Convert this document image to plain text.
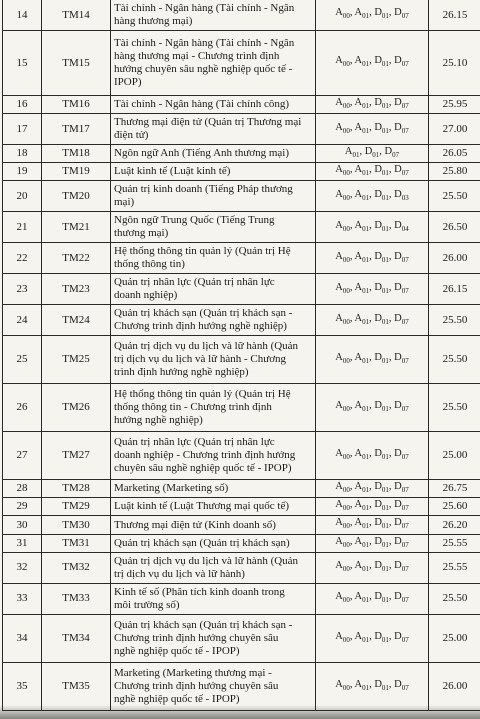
14	TM14	Tài chính - Ngân hàng (Tài chính - Ngân
hàng thương mại)	$A_{00}$, $A_{01}$, $D_{01}$, $D_{07}$	26.15	
15	TM15	Tài chính - Ngân hàng (Tài chính - Ngân
hàng thương mại - Chương trình định
hướng chuyên sâu nghề nghiệp quốc tế -
IPOP)	$A_{00}$, $A_{01}$, $D_{01}$, $D_{07}$	25.10	
16	TM16	Tài chính - Ngân hàng (Tài chính công)	$A_{00}$, $A_{01}$, $D_{01}$, $D_{07}$	25.95	
17	TM17	Thương mại điện tử (Quản trị Thương mại
điện tử)	$A_{00}$, $A_{01}$, $D_{01}$, $D_{07}$	27.00	
18	TM18	Ngôn ngữ Anh (Tiếng Anh thương mại)	$A_{01}$, $D_{01}$, $D_{07}$	26.05	
19	TM19	Luật kinh tế (Luật kinh tế)	$A_{00}$, $A_{01}$, $D_{01}$, $D_{07}$	25.80	
20	TM20	Quản trị kinh doanh (Tiếng Pháp thương
mại)	$A_{00}$, $A_{01}$, $D_{01}$, $D_{03}$	25.50	
21	TM21	Ngôn ngữ Trung Quốc (Tiếng Trung
thương mại)	$A_{00}$, $A_{01}$, $D_{01}$, $D_{04}$	26.50	
22	TM22	Hệ thống thông tin quản lý (Quản trị Hệ
thống thông tin)	$A_{00}$, $A_{01}$, $D_{01}$, $D_{07}$	26.00	
23	TM23	Quản trị nhân lực (Quản trị nhân lực
doanh nghiệp)	$A_{00}$, $A_{01}$, $D_{01}$, $D_{07}$	26.15	
24	TM24	Quản trị khách sạn (Quản trị khách sạn -
Chương trình định hướng nghề nghiệp)	$A_{00}$, $A_{01}$, $D_{01}$, $D_{07}$	25.50	
25	TM25	Quản trị dịch vụ du lịch và lữ hành (Quản
trị dịch vụ du lịch và lữ hành - Chương
trình định hướng nghề nghiệp)	$A_{00}$, $A_{01}$, $D_{01}$, $D_{07}$	25.50	
26	TM26	Hệ thống thông tin quản lý (Quản trị Hệ
thống thông tin - Chương trình định
hướng nghề nghiệp)	$A_{00}$, $A_{01}$, $D_{01}$, $D_{07}$	25.50	
27	TM27	Quản trị nhân lực (Quản trị nhân lực
doanh nghiệp - Chương trình định hướng
chuyên sâu nghề nghiệp quốc tế - IPOP)	$A_{00}$, $A_{01}$, $D_{01}$, $D_{07}$	25.00	
28	TM28	Marketing (Marketing số)	$A_{00}$, $A_{01}$, $D_{01}$, $D_{07}$	26.75	
29	TM29	Luật kinh tế (Luật Thương mại quốc tế)	$A_{00}$, $A_{01}$, $D_{01}$, $D_{07}$	25.60	
30	TM30	Thương mại điện tử (Kinh doanh số)	$A_{00}$, $A_{01}$, $D_{01}$, $D_{07}$	26.20	
31	TM31	Quản trị khách sạn (Quản trị khách sạn)	$A_{00}$, $A_{01}$, $D_{01}$, $D_{07}$	25.55	
32	TM32	Quản trị dịch vụ du lịch và lữ hành (Quản
trị dịch vụ du lịch và lữ hành)	$A_{00}$, $A_{01}$, $D_{01}$, $D_{07}$	25.55	
33	TM33	Kinh tế số (Phân tích kinh doanh trong
môi trường số)	$A_{00}$, $A_{01}$, $D_{01}$, $D_{07}$	25.50	
34	TM34	Quản trị khách sạn (Quản trị khách sạn -
Chương trình định hướng chuyên sâu
nghề nghiệp quốc tế - IPOP)	$A_{00}$, $A_{01}$, $D_{01}$, $D_{07}$	25.00	
35	TM35	Marketing (Marketing thương mại -
Chương trình định hướng chuyên sâu
nghề nghiệp quốc tế - IPOP)	$A_{00}$, $A_{01}$, $D_{01}$, $D_{07}$	26.00	
